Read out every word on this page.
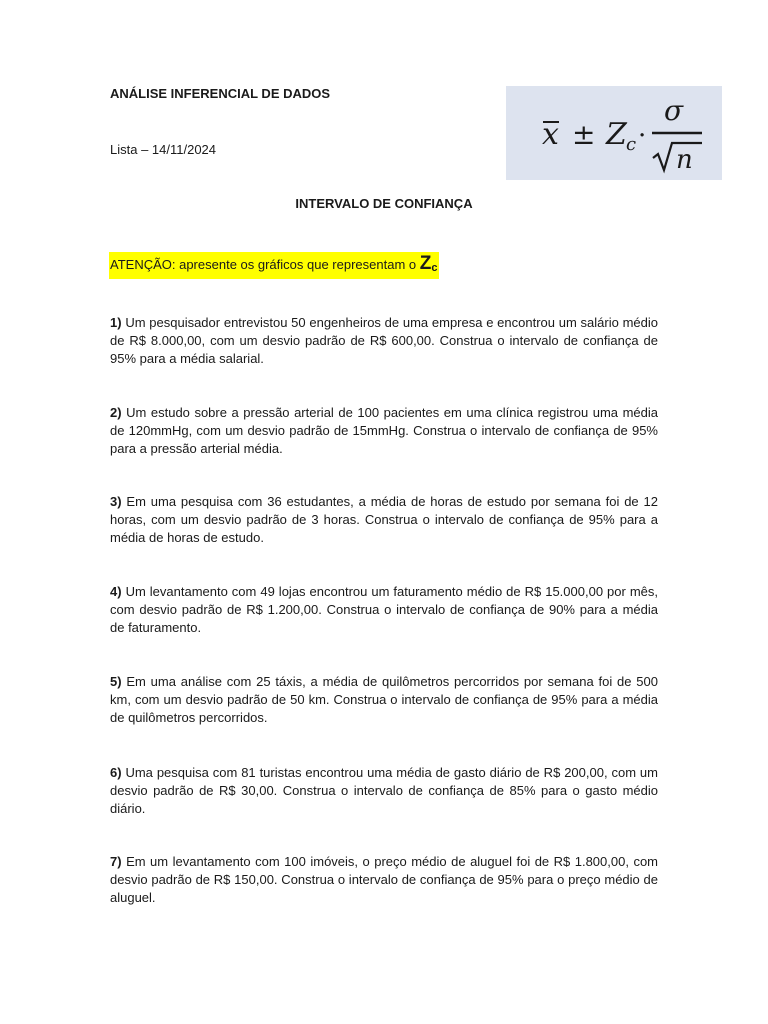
ANÁLISE INFERENCIAL DE DADOS
x ± Z c ·
σ
n
Lista – 14/11/2024
INTERVALO DE CONFIANÇA
ATENÇÃO: apresente os gráficos que representam o $Z_c$
1) Um pesquisador entrevistou 50 engenheiros de uma empresa e encontrou um salário médio de R$ 8.000,00, com um desvio padrão de R$ 600,00. Construa o intervalo de confiança de 95% para a média salarial.
2) Um estudo sobre a pressão arterial de 100 pacientes em uma clínica registrou uma média de 120mmHg, com um desvio padrão de 15mmHg. Construa o intervalo de confiança de 95% para a pressão arterial média.
3) Em uma pesquisa com 36 estudantes, a média de horas de estudo por semana foi de 12 horas, com um desvio padrão de 3 horas. Construa o intervalo de confiança de 95% para a média de horas de estudo.
4) Um levantamento com 49 lojas encontrou um faturamento médio de R$ 15.000,00 por mês, com desvio padrão de R$ 1.200,00. Construa o intervalo de confiança de 90% para a média de faturamento.
5) Em uma análise com 25 táxis, a média de quilômetros percorridos por semana foi de 500 km, com um desvio padrão de 50 km. Construa o intervalo de confiança de 95% para a média de quilômetros percorridos.
6) Uma pesquisa com 81 turistas encontrou uma média de gasto diário de R$ 200,00, com um desvio padrão de R$ 30,00. Construa o intervalo de confiança de 85% para o gasto médio diário.
7) Em um levantamento com 100 imóveis, o preço médio de aluguel foi de R$ 1.800,00, com desvio padrão de R$ 150,00. Construa o intervalo de confiança de 95% para o preço médio de aluguel.
